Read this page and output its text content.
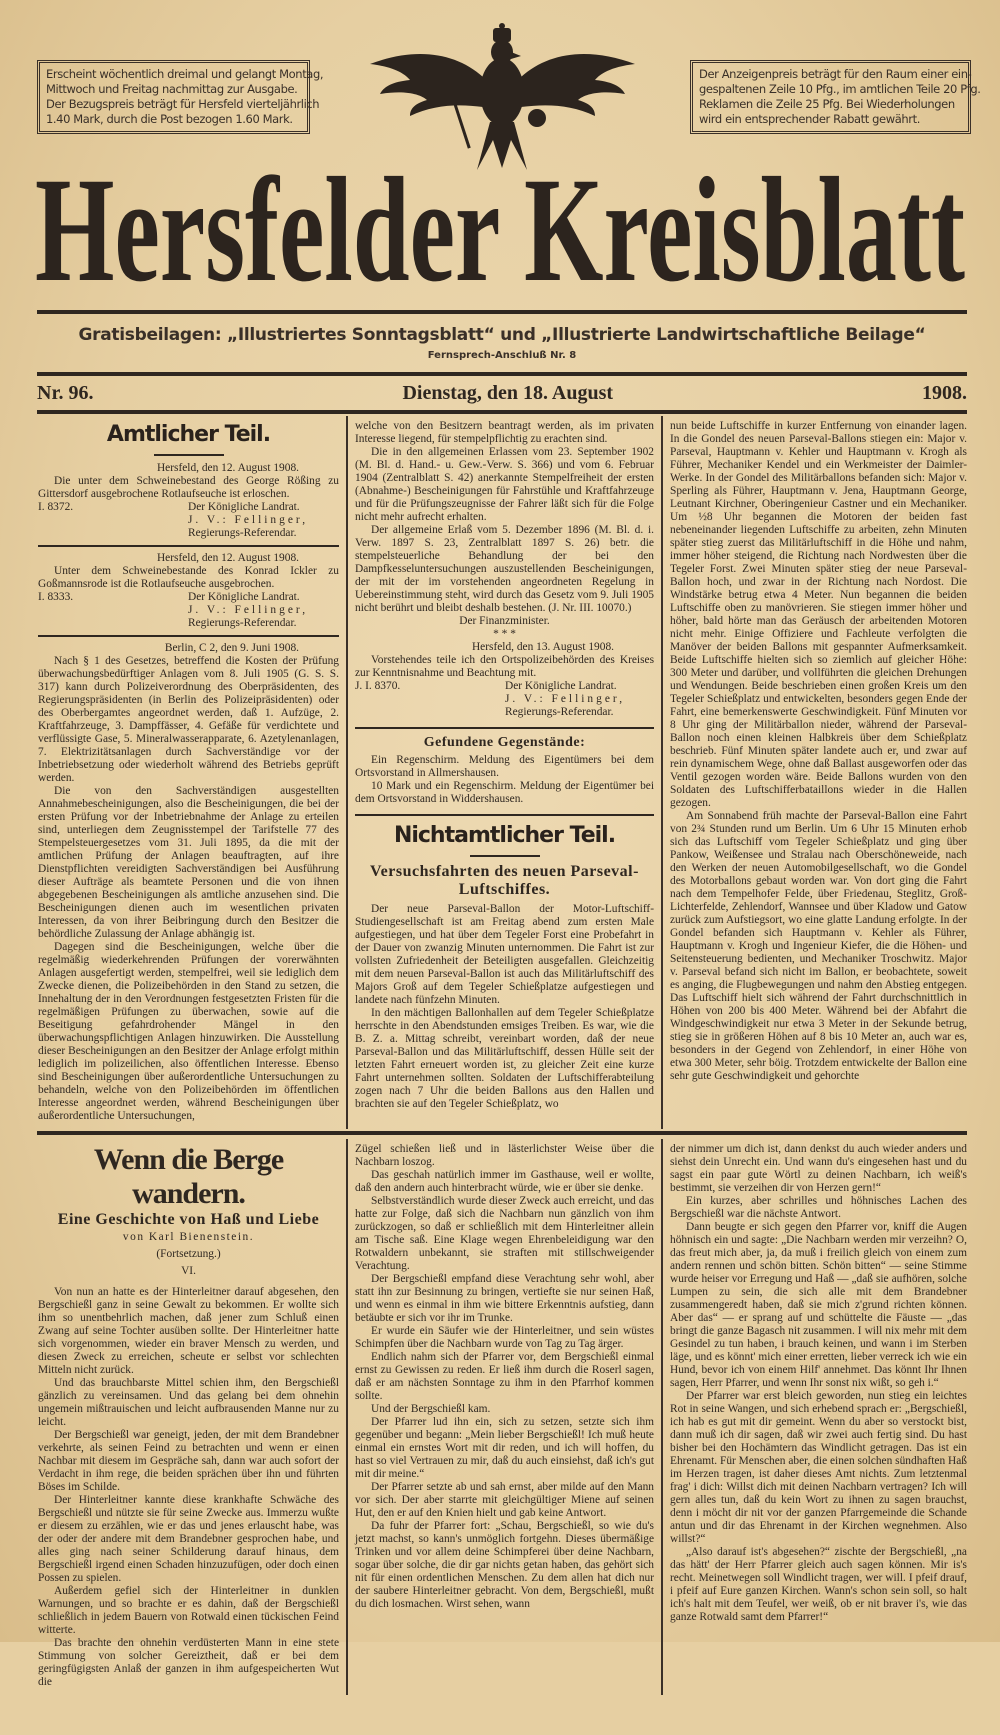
Erscheint wöchentlich dreimal und gelangt Montag,
Mittwoch und Freitag nachmittag zur Ausgabe.
Der Bezugspreis beträgt für Hersfeld vierteljährlich
1.40 Mark, durch die Post bezogen 1.60 Mark.
Der Anzeigenpreis beträgt für den Raum einer ein-
gespaltenen Zeile 10 Pfg., im amtlichen Teile 20 Pfg.
Reklamen die Zeile 25 Pfg. Bei Wiederholungen
wird ein entsprechender Rabatt gewährt.
Hersfelder Kreisblatt
Gratisbeilagen: „Illustriertes Sonntagsblatt“ und „Illustrierte Landwirtschaftliche Beilage“
Fernsprech-Anschluß Nr. 8
Nr. 96.	Dienstag, den 18. August	1908.
Amtlicher Teil.
Hersfeld, den 12. August 1908.

Die unter dem Schweinebestand des George Rößing zu Gittersdorf ausgebrochene Rotlaufseuche ist erloschen.

I. 8372.	Der Königliche Landrat.
J. V.: Fellinger,
Regierungs-Referendar.
Hersfeld, den 12. August 1908.

Unter dem Schweinebestande des Konrad Ickler zu Goßmannsrode ist die Rotlaufseuche ausgebrochen.

I. 8333.	Der Königliche Landrat.
J. V.: Fellinger,
Regierungs-Referendar.
Berlin, C 2, den 9. Juni 1908.

Nach § 1 des Gesetzes, betreffend die Kosten der Prüfung überwachungsbedürftiger Anlagen vom 8. Juli 1905 (G. S. S. 317) kann durch Polizeiverordnung des Oberpräsidenten, des Regierungspräsidenten (in Berlin des Polizeipräsidenten) oder des Oberbergamtes angeordnet werden, daß 1. Aufzüge, 2. Kraftfahrzeuge, 3. Dampffässer, 4. Gefäße für verdichtete und verflüssigte Gase, 5. Mineralwasserapparate, 6. Azetylenanlagen, 7. Elektrizitätsanlagen durch Sachverständige vor der Inbetriebsetzung oder wiederholt während des Betriebs geprüft werden.

Die von den Sachverständigen ausgestellten Annahmebescheinigungen, also die Bescheinigungen, die bei der ersten Prüfung vor der Inbetriebnahme der Anlage zu erteilen sind, unterliegen dem Zeugnisstempel der Tarifstelle 77 des Stempelsteuergesetzes vom 31. Juli 1895, da die mit der amtlichen Prüfung der Anlagen beauftragten, auf ihre Dienstpflichten vereidigten Sachverständigen bei Ausführung dieser Aufträge als beamtete Personen und die von ihnen abgegebenen Bescheinigungen als amtliche anzusehen sind. Die Bescheinigungen dienen auch im wesentlichen privaten Interessen, da von ihrer Beibringung durch den Besitzer die behördliche Zulassung der Anlage abhängig ist.

Dagegen sind die Bescheinigungen, welche über die regelmäßig wiederkehrenden Prüfungen der vorerwähnten Anlagen ausgefertigt werden, stempelfrei, weil sie lediglich dem Zwecke dienen, die Polizeibehörden in den Stand zu setzen, die Innehaltung der in den Verordnungen festgesetzten Fristen für die regelmäßigen Prüfungen zu überwachen, sowie auf die Beseitigung gefahrdrohender Mängel in den überwachungspflichtigen Anlagen hinzuwirken. Die Ausstellung dieser Bescheinigungen an den Besitzer der Anlage erfolgt mithin lediglich im polizeilichen, also öffentlichen Interesse. Ebenso sind Bescheinigungen über außerordentliche Untersuchungen zu behandeln, welche von den Polizeibehörden im öffentlichen Interesse angeordnet werden, während Bescheinigungen über außerordentliche Untersuchungen,

welche von den Besitzern beantragt werden, als im privaten Interesse liegend, für stempelpflichtig zu erachten sind.

Die in den allgemeinen Erlassen vom 23. September 1902 (M. Bl. d. Hand.- u. Gew.-Verw. S. 366) und vom 6. Februar 1904 (Zentralblatt S. 42) anerkannte Stempelfreiheit der ersten (Abnahme-) Bescheinigungen für Fahrstühle und Kraftfahrzeuge und für die Prüfungszeugnisse der Fahrer läßt sich für die Folge nicht mehr aufrecht erhalten.

Der allgemeine Erlaß vom 5. Dezember 1896 (M. Bl. d. i. Verw. 1897 S. 23, Zentralblatt 1897 S. 26) betr. die stempelsteuerliche Behandlung der bei den Dampfkesseluntersuchungen auszustellenden Bescheinigungen, der mit der im vorstehenden angeordneten Regelung in Uebereinstimmung steht, wird durch das Gesetz vom 9. Juli 1905 nicht berührt und bleibt deshalb bestehen. (J. Nr. III. 10070.)

Der Finanzminister.
* * *
Hersfeld, den 13. August 1908.

Vorstehendes teile ich den Ortspolizeibehörden des Kreises zur Kenntnisnahme und Beachtung mit.

J. I. 8370.	Der Königliche Landrat.
J. V.: Fellinger,
Regierungs-Referendar.
Gefundene Gegenstände:

Ein Regenschirm. Meldung des Eigentümers bei dem Ortsvorstand in Allmershausen.

10 Mark und ein Regenschirm. Meldung der Eigentümer bei dem Ortsvorstand in Widdershausen.

Nichtamtlicher Teil.
Versuchsfahrten des neuen Parseval-Luftschiffes.

Der neue Parseval-Ballon der Motor-Luftschiff-Studiengesellschaft ist am Freitag abend zum ersten Male aufgestiegen, und hat über dem Tegeler Forst eine Probefahrt in der Dauer von zwanzig Minuten unternommen. Die Fahrt ist zur vollsten Zufriedenheit der Beteiligten ausgefallen. Gleichzeitig mit dem neuen Parseval-Ballon ist auch das Militärluftschiff des Majors Groß auf dem Tegeler Schießplatze aufgestiegen und landete nach fünfzehn Minuten.

In den mächtigen Ballonhallen auf dem Tegeler Schießplatze herrschte in den Abendstunden emsiges Treiben. Es war, wie die B. Z. a. Mittag schreibt, vereinbart worden, daß der neue Parseval-Ballon und das Militärluftschiff, dessen Hülle seit der letzten Fahrt erneuert worden ist, zu gleicher Zeit eine kurze Fahrt unternehmen sollten. Soldaten der Luftschifferabteilung zogen nach 7 Uhr die beiden Ballons aus den Hallen und brachten sie auf den Tegeler Schießplatz, wo

nun beide Luftschiffe in kurzer Entfernung von einander lagen. In die Gondel des neuen Parseval-Ballons stiegen ein: Major v. Parseval, Hauptmann v. Kehler und Hauptmann v. Krogh als Führer, Mechaniker Kendel und ein Werkmeister der Daimler-Werke. In der Gondel des Militärballons befanden sich: Major v. Sperling als Führer, Hauptmann v. Jena, Hauptmann George, Leutnant Kirchner, Oberingenieur Castner und ein Mechaniker. Um ½8 Uhr begannen die Motoren der beiden fast nebeneinander liegenden Luftschiffe zu arbeiten, zehn Minuten später stieg zuerst das Militärluftschiff in die Höhe und nahm, immer höher steigend, die Richtung nach Nordwesten über die Tegeler Forst. Zwei Minuten später stieg der neue Parseval-Ballon hoch, und zwar in der Richtung nach Nordost. Die Windstärke betrug etwa 4 Meter. Nun begannen die beiden Luftschiffe oben zu manövrieren. Sie stiegen immer höher und höher, bald hörte man das Geräusch der arbeitenden Motoren nicht mehr. Einige Offiziere und Fachleute verfolgten die Manöver der beiden Ballons mit gespannter Aufmerksamkeit. Beide Luftschiffe hielten sich so ziemlich auf gleicher Höhe: 300 Meter und darüber, und vollführten die gleichen Drehungen und Wendungen. Beide beschrieben einen großen Kreis um den Tegeler Schießplatz und entwickelten, besonders gegen Ende der Fahrt, eine bemerkenswerte Geschwindigkeit. Fünf Minuten vor 8 Uhr ging der Militärballon nieder, während der Parseval-Ballon noch einen kleinen Halbkreis über dem Schießplatz beschrieb. Fünf Minuten später landete auch er, und zwar auf rein dynamischem Wege, ohne daß Ballast ausgeworfen oder das Ventil gezogen worden wäre. Beide Ballons wurden von den Soldaten des Luftschifferbataillons wieder in die Hallen gezogen.

Am Sonnabend früh machte der Parseval-Ballon eine Fahrt von 2¾ Stunden rund um Berlin. Um 6 Uhr 15 Minuten erhob sich das Luftschiff vom Tegeler Schießplatz und ging über Pankow, Weißensee und Stralau nach Oberschöneweide, nach den Werken der neuen Automobilgesellschaft, wo die Gondel des Motorballons gebaut worden war. Von dort ging die Fahrt nach dem Tempelhofer Felde, über Friedenau, Steglitz, Groß-Lichterfelde, Zehlendorf, Wannsee und über Kladow und Gatow zurück zum Aufstiegsort, wo eine glatte Landung erfolgte. In der Gondel befanden sich Hauptmann v. Kehler als Führer, Hauptmann v. Krogh und Ingenieur Kiefer, die die Höhen- und Seitensteuerung bedienten, und Mechaniker Troschwitz. Major v. Parseval befand sich nicht im Ballon, er beobachtete, soweit es anging, die Flugbewegungen und nahm den Abstieg entgegen. Das Luftschiff hielt sich während der Fahrt durchschnittlich in Höhen von 200 bis 400 Meter. Während bei der Abfahrt die Windgeschwindigkeit nur etwa 3 Meter in der Sekunde betrug, stieg sie in größeren Höhen auf 8 bis 10 Meter an, auch war es, besonders in der Gegend von Zehlendorf, in einer Höhe von etwa 300 Meter, sehr böig. Trotzdem entwickelte der Ballon eine sehr gute Geschwindigkeit und gehorchte

Wenn die Berge wandern.
Eine Geschichte von Haß und Liebe
von Karl Bienenstein.
(Fortsetzung.)
VI.

Von nun an hatte es der Hinterleitner darauf abgesehen, den Bergschießl ganz in seine Gewalt zu bekommen. Er wollte sich ihm so unentbehrlich machen, daß jener zum Schluß einen Zwang auf seine Tochter ausüben sollte. Der Hinterleitner hatte sich vorgenommen, wieder ein braver Mensch zu werden, und diesen Zweck zu erreichen, scheute er selbst vor schlechten Mitteln nicht zurück.

Und das brauchbarste Mittel schien ihm, den Bergschießl gänzlich zu vereinsamen. Und das gelang bei dem ohnehin ungemein mißtrauischen und leicht aufbrausenden Manne nur zu leicht.

Der Bergschießl war geneigt, jeden, der mit dem Brandebner verkehrte, als seinen Feind zu betrachten und wenn er einen Nachbar mit diesem im Gespräche sah, dann war auch sofort der Verdacht in ihm rege, die beiden sprächen über ihn und führten Böses im Schilde.

Der Hinterleitner kannte diese krankhafte Schwäche des Bergschießl und nützte sie für seine Zwecke aus. Immerzu wußte er diesem zu erzählen, wie er das und jenes erlauscht habe, was der oder der andere mit dem Brandebner gesprochen habe, und alles ging nach seiner Schilderung darauf hinaus, dem Bergschießl irgend einen Schaden hinzuzufügen, oder doch einen Possen zu spielen.

Außerdem gefiel sich der Hinterleitner in dunklen Warnungen, und so brachte er es dahin, daß der Bergschießl schließlich in jedem Bauern von Rotwald einen tückischen Feind witterte.

Das brachte den ohnehin verdüsterten Mann in eine stete Stimmung von solcher Gereiztheit, daß er bei dem geringfügigsten Anlaß der ganzen in ihm aufgespeicherten Wut die

Zügel schießen ließ und in lästerlichster Weise über die Nachbarn loszog.

Das geschah natürlich immer im Gasthause, weil er wollte, daß den andern auch hinterbracht würde, wie er über sie denke.

Selbstverständlich wurde dieser Zweck auch erreicht, und das hatte zur Folge, daß sich die Nachbarn nun gänzlich von ihm zurückzogen, so daß er schließlich mit dem Hinterleitner allein am Tische saß. Eine Klage wegen Ehrenbeleidigung war den Rotwaldern unbekannt, sie straften mit stillschweigender Verachtung.

Der Bergschießl empfand diese Verachtung sehr wohl, aber statt ihn zur Besinnung zu bringen, vertiefte sie nur seinen Haß, und wenn es einmal in ihm wie bittere Erkenntnis aufstieg, dann betäubte er sich vor ihr im Trunke.

Er wurde ein Säufer wie der Hinterleitner, und sein wüstes Schimpfen über die Nachbarn wurde von Tag zu Tag ärger.

Endlich nahm sich der Pfarrer vor, dem Bergschießl einmal ernst zu Gewissen zu reden. Er ließ ihm durch die Roserl sagen, daß er am nächsten Sonntage zu ihm in den Pfarrhof kommen sollte.

Und der Bergschießl kam.

Der Pfarrer lud ihn ein, sich zu setzen, setzte sich ihm gegenüber und begann: „Mein lieber Bergschießl! Ich muß heute einmal ein ernstes Wort mit dir reden, und ich will hoffen, du hast so viel Vertrauen zu mir, daß du auch einsiehst, daß ich's gut mit dir meine.“

Der Pfarrer setzte ab und sah ernst, aber milde auf den Mann vor sich. Der aber starrte mit gleichgültiger Miene auf seinen Hut, den er auf den Knien hielt und gab keine Antwort.

Da fuhr der Pfarrer fort: „Schau, Bergschießl, so wie du's jetzt machst, so kann's unmöglich fortgehn. Dieses übermäßige Trinken und vor allem deine Schimpferei über deine Nachbarn, sogar über solche, die dir gar nichts getan haben, das gehört sich nit für einen ordentlichen Menschen. Zu dem allen hat dich nur der saubere Hinterleitner gebracht. Von dem, Bergschießl, mußt du dich losmachen. Wirst sehen, wann

der nimmer um dich ist, dann denkst du auch wieder anders und siehst dein Unrecht ein. Und wann du's eingesehen hast und du sagst ein paar gute Wörtl zu deinen Nachbarn, ich weiß's bestimmt, sie verzeihen dir von Herzen gern!“

Ein kurzes, aber schrilles und höhnisches Lachen des Bergschießl war die nächste Antwort.

Dann beugte er sich gegen den Pfarrer vor, kniff die Augen höhnisch ein und sagte: „Die Nachbarn werden mir verzeihn? O, das freut mich aber, ja, da muß i freilich gleich von einem zum andern rennen und schön bitten. Schön bitten“ — seine Stimme wurde heiser vor Erregung und Haß — „daß sie aufhören, solche Lumpen zu sein, die sich alle mit dem Brandebner zusammengeredt haben, daß sie mich z'grund richten können. Aber das“ — er sprang auf und schüttelte die Fäuste — „das bringt die ganze Bagasch nit zusammen. I will nix mehr mit dem Gesindel zu tun haben, i brauch keinen, und wann i im Sterben läge, und es könnt' mich einer erretten, lieber verreck ich wie ein Hund, bevor ich von einem Hilf' annehmet. Das könnt Ihr Ihnen sagen, Herr Pfarrer, und wenn Ihr sonst nix wißt, so geh i.“

Der Pfarrer war erst bleich geworden, nun stieg ein leichtes Rot in seine Wangen, und sich erhebend sprach er: „Bergschießl, ich hab es gut mit dir gemeint. Wenn du aber so verstockt bist, dann muß ich dir sagen, daß wir zwei auch fertig sind. Du hast bisher bei den Hochämtern das Windlicht getragen. Das ist ein Ehrenamt. Für Menschen aber, die einen solchen sündhaften Haß im Herzen tragen, ist daher dieses Amt nichts. Zum letztenmal frag' i dich: Willst dich mit deinen Nachbarn vertragen? Ich will gern alles tun, daß du kein Wort zu ihnen zu sagen brauchst, denn i möcht dir nit vor der ganzen Pfarrgemeinde die Schande antun und dir das Ehrenamt in der Kirchen wegnehmen. Also willst?“

„Also darauf ist's abgesehen?“ zischte der Bergschießl, „na das hätt' der Herr Pfarrer gleich auch sagen können. Mir is's recht. Meinetwegen soll Windlicht tragen, wer will. I pfeif drauf, i pfeif auf Eure ganzen Kirchen. Wann's schon sein soll, so halt ich's halt mit dem Teufel, wer weiß, ob er nit braver i's, wie das ganze Rotwald samt dem Pfarrer!“
